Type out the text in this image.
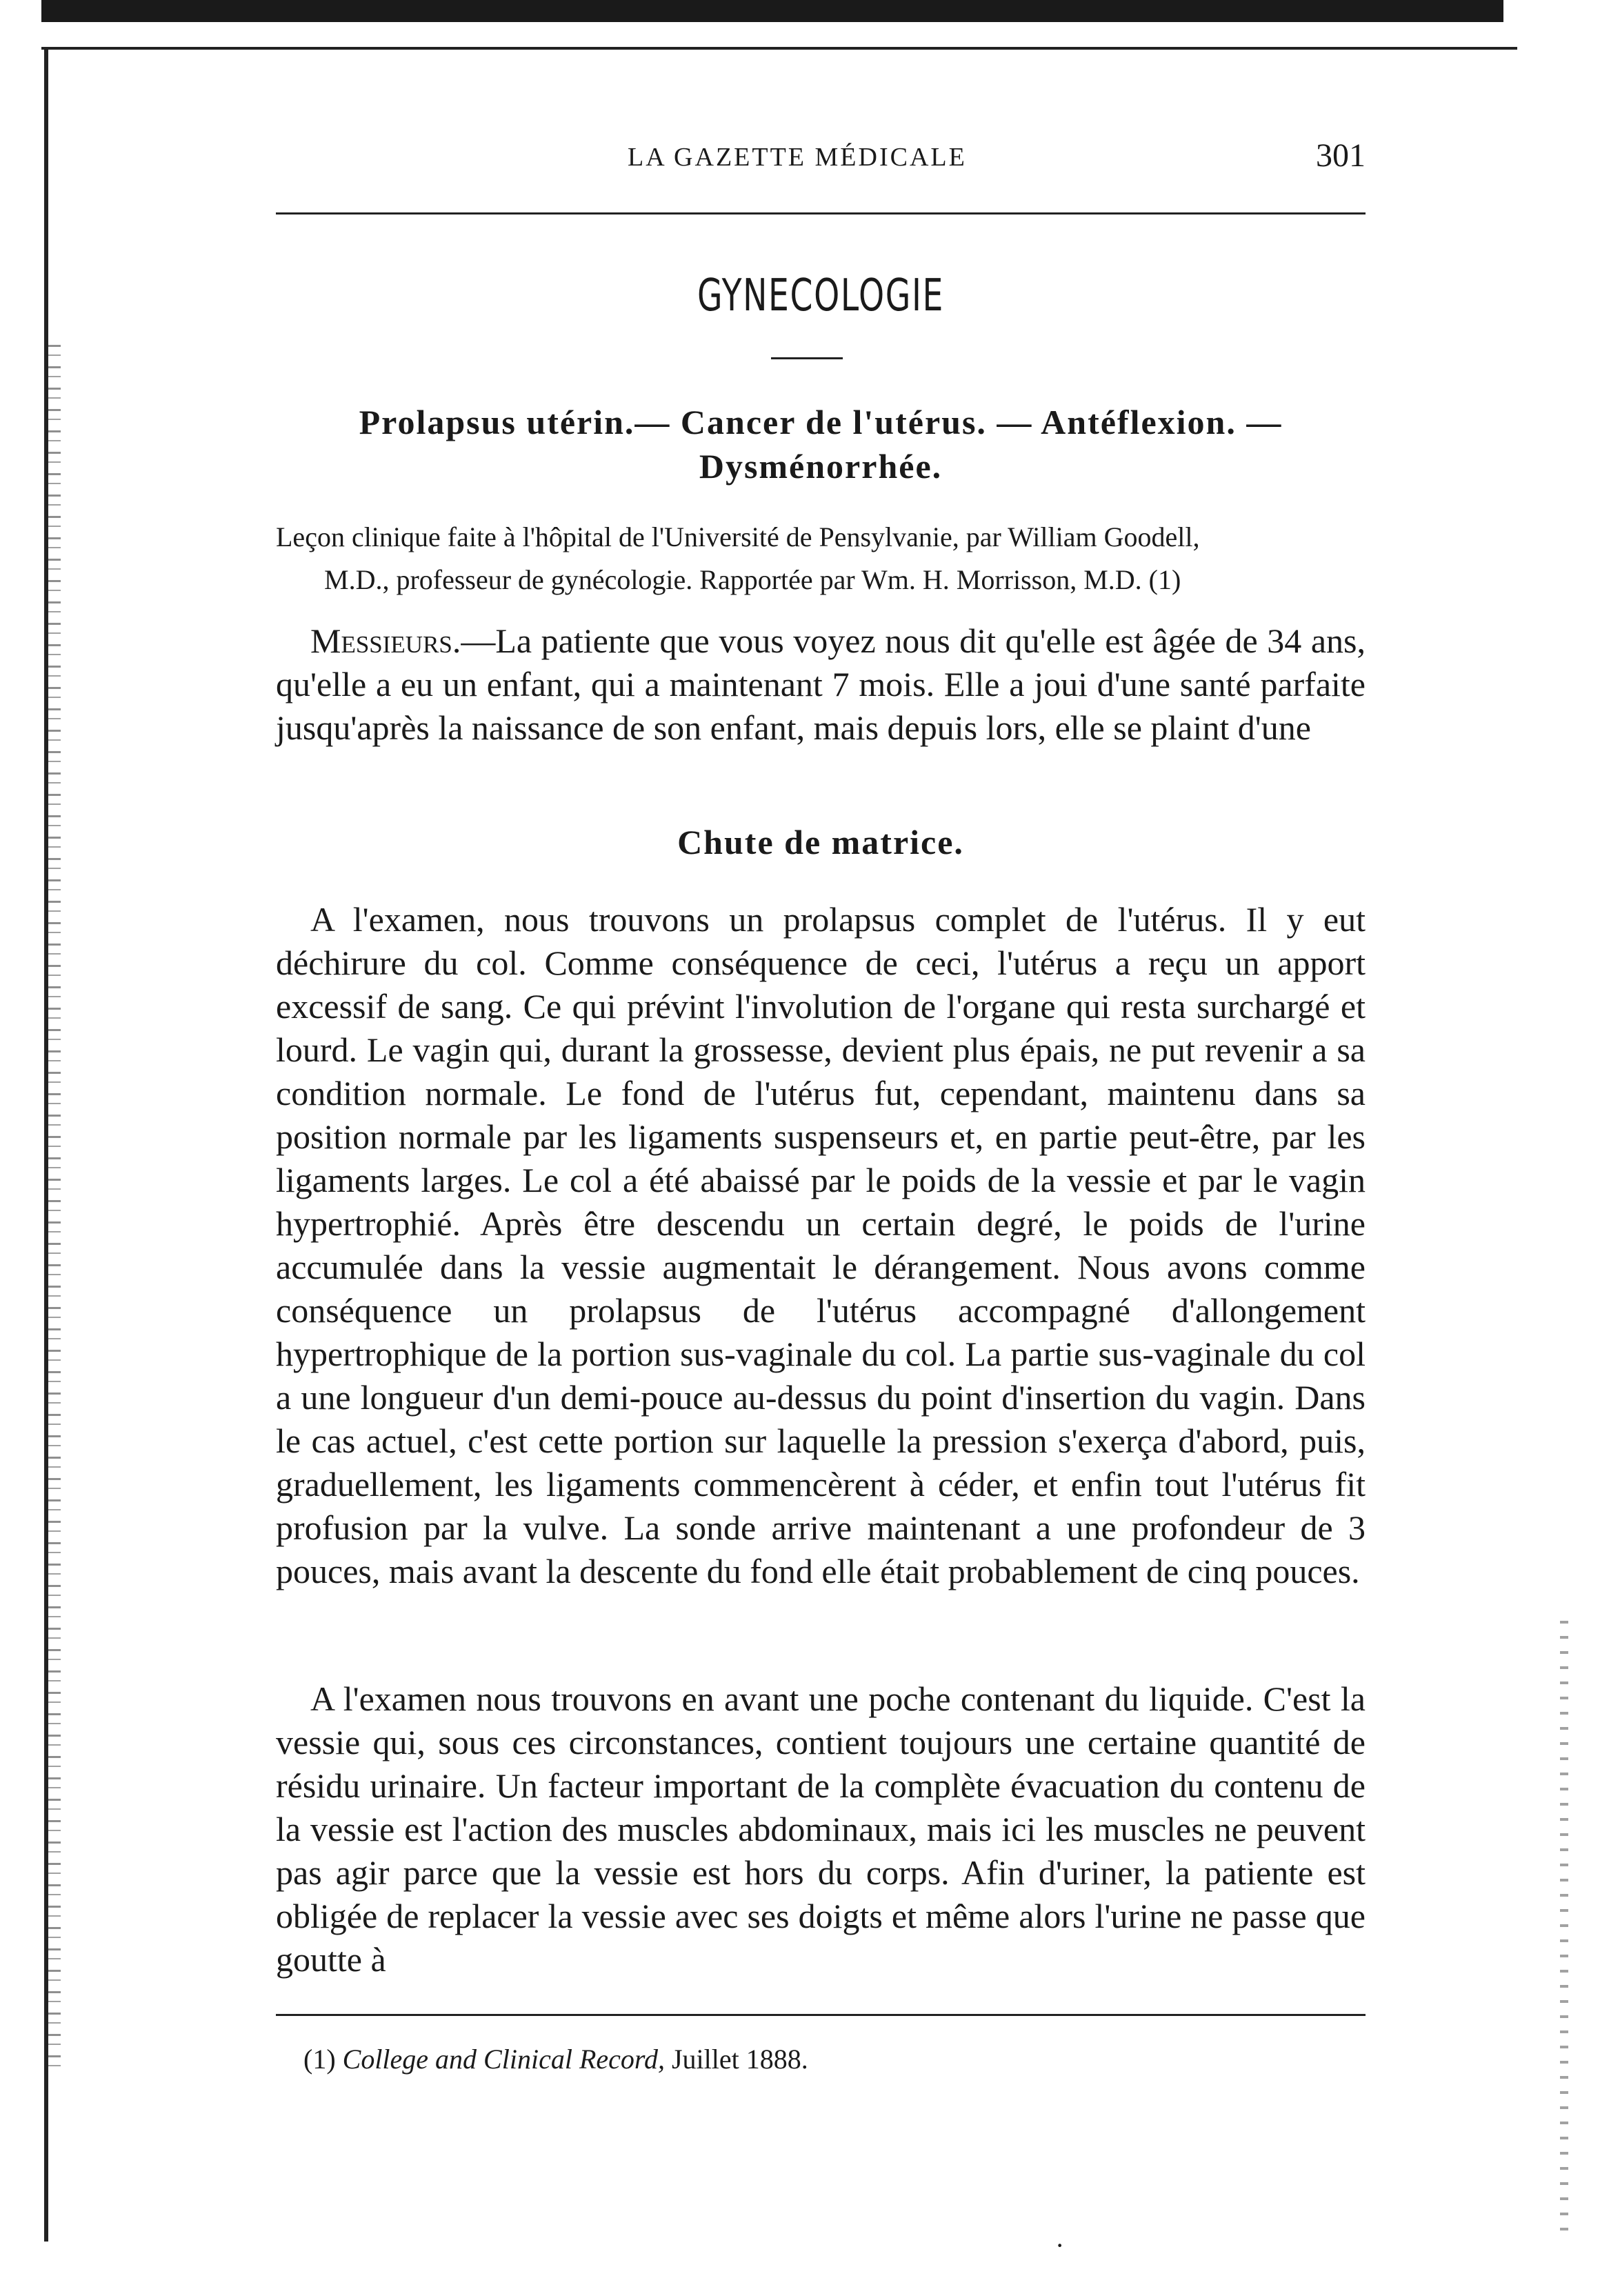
LA GAZETTE MÉDICALE	301
GYNECOLOGIE
Prolapsus utérin.— Cancer de l'utérus. — Antéflexion. — Dysménorrhée.
Leçon clinique faite à l'hôpital de l'Université de Pensylvanie, par William Goodell,
M.D., professeur de gynécologie. Rapportée par Wm. H. Morrisson, M.D. (1)
Messieurs.—La patiente que vous voyez nous dit qu'elle est âgée de 34 ans, qu'elle a eu un enfant, qui a maintenant 7 mois. Elle a joui d'une santé parfaite jusqu'après la naissance de son enfant, mais depuis lors, elle se plaint d'une
Chute de matrice.
A l'examen, nous trouvons un prolapsus complet de l'utérus. Il y eut déchirure du col. Comme conséquence de ceci, l'utérus a reçu un apport excessif de sang. Ce qui prévint l'involution de l'organe qui resta surchargé et lourd. Le vagin qui, durant la grossesse, devient plus épais, ne put revenir a sa condition normale. Le fond de l'utérus fut, cependant, maintenu dans sa position normale par les ligaments suspenseurs et, en partie peut-être, par les ligaments larges. Le col a été abaissé par le poids de la vessie et par le vagin hypertrophié. Après être descendu un certain degré, le poids de l'urine accumulée dans la vessie augmentait le dérangement. Nous avons comme conséquence un prolapsus de l'utérus accompagné d'allongement hypertrophique de la portion sus-vaginale du col. La partie sus-vaginale du col a une longueur d'un demi-pouce au-dessus du point d'insertion du vagin. Dans le cas actuel, c'est cette portion sur laquelle la pression s'exerça d'abord, puis, graduellement, les ligaments commencèrent à céder, et enfin tout l'utérus fit profusion par la vulve. La sonde arrive maintenant a une profondeur de 3 pouces, mais avant la descente du fond elle était probablement de cinq pouces.
A l'examen nous trouvons en avant une poche contenant du liquide. C'est la vessie qui, sous ces circonstances, contient toujours une certaine quantité de résidu urinaire. Un facteur important de la complète évacuation du contenu de la vessie est l'action des muscles abdominaux, mais ici les muscles ne peuvent pas agir parce que la vessie est hors du corps. Afin d'uriner, la patiente est obligée de replacer la vessie avec ses doigts et même alors l'urine ne passe que goutte à
(1) College and Clinical Record, Juillet 1888.
·
